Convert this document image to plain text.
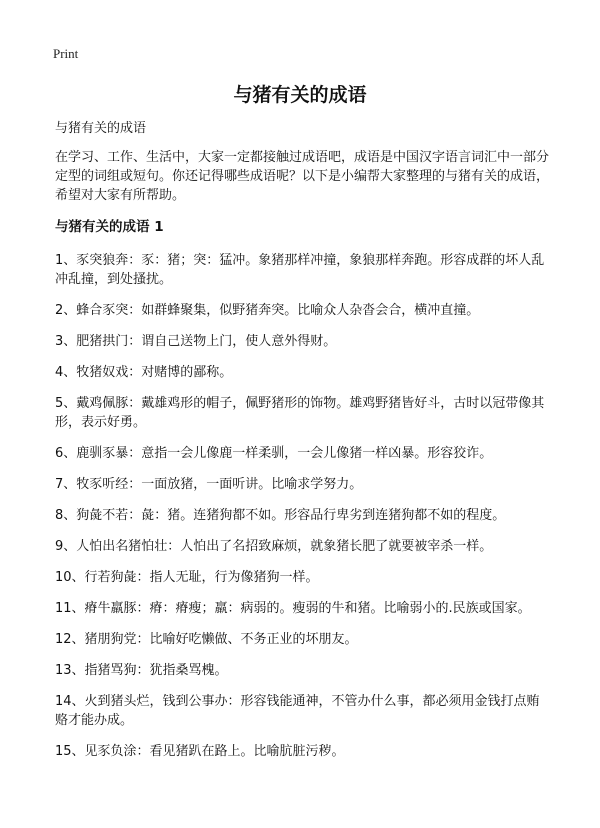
Print
与猪有关的成语
与猪有关的成语
在学习、工作、生活中，大家一定都接触过成语吧，成语是中国汉字语言词汇中一部分定型的词组或短句。你还记得哪些成语呢？以下是小编帮大家整理的与猪有关的成语，希望对大家有所帮助。
与猪有关的成语 1
1、豕突狼奔：豕：猪；突：猛冲。象猪那样冲撞，象狼那样奔跑。形容成群的坏人乱冲乱撞，到处搔扰。
2、蜂合豕突：如群蜂聚集，似野猪奔突。比喻众人杂沓会合，横冲直撞。
3、肥猪拱门：谓自己送物上门，使人意外得财。
4、牧猪奴戏：对赌博的鄙称。
5、戴鸡佩豚：戴雄鸡形的帽子，佩野猪形的饰物。雄鸡野猪皆好斗，古时以冠带像其形，表示好勇。
6、鹿驯豕暴：意指一会儿像鹿一样柔驯，一会儿像猪一样凶暴。形容狡诈。
7、牧豕听经：一面放猪，一面听讲。比喻求学努力。
8、狗彘不若：彘：猪。连猪狗都不如。形容品行卑劣到连猪狗都不如的程度。
9、人怕出名猪怕壮：人怕出了名招致麻烦，就象猪长肥了就要被宰杀一样。
10、行若狗彘：指人无耻，行为像猪狗一样。
11、瘠牛羸豚：瘠：瘠瘦；羸：病弱的。瘦弱的牛和猪。比喻弱小的.民族或国家。
12、猪朋狗党：比喻好吃懒做、不务正业的坏朋友。
13、指猪骂狗：犹指桑骂槐。
14、火到猪头烂，钱到公事办：形容钱能通神，不管办什么事，都必须用金钱打点贿赂才能办成。
15、见豕负涂：看见猪趴在路上。比喻肮脏污秽。
